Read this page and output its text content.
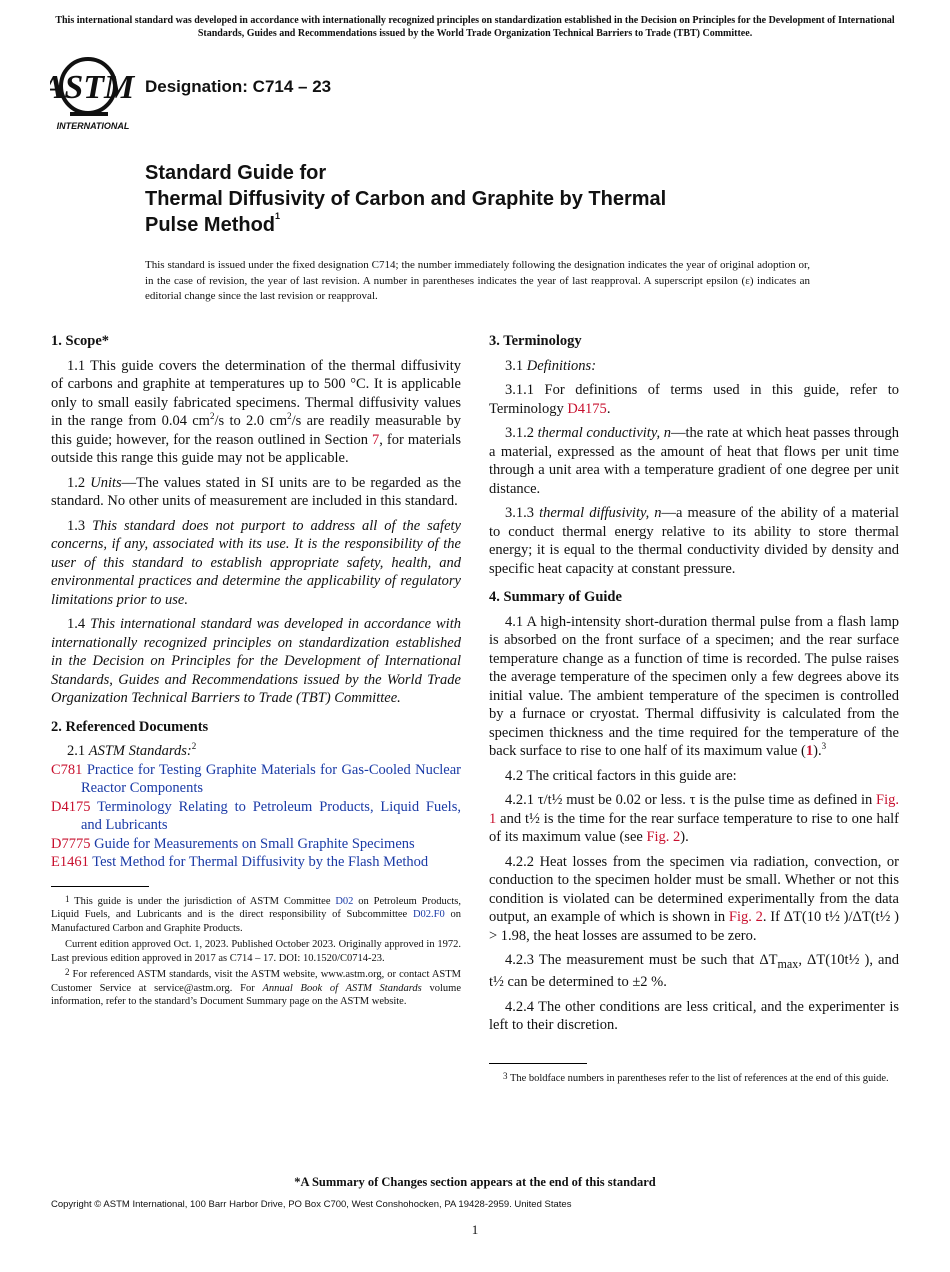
This international standard was developed in accordance with internationally recognized principles on standardization established in the Decision on Principles for the Development of International Standards, Guides and Recommendations issued by the World Trade Organization Technical Barriers to Trade (TBT) Committee.
ASTM
INTERNATIONAL
Designation: C714 – 23
Standard Guide for
Thermal Diffusivity of Carbon and Graphite by Thermal
Pulse Method$^1$
This standard is issued under the fixed designation C714; the number immediately following the designation indicates the year of original adoption or, in the case of revision, the year of last revision. A number in parentheses indicates the year of last reapproval. A superscript epsilon (ε) indicates an editorial change since the last revision or reapproval.
1. Scope*

1.1 This guide covers the determination of the thermal diffusivity of carbons and graphite at temperatures up to 500 °C. It is applicable only to small easily fabricated specimens. Thermal diffusivity values in the range from 0.04 $cm^2/s$ to 2.0 $cm^2/s$ are readily measurable by this guide; however, for the reason outlined in Section 7, for materials outside this range this guide may not be applicable.

1.2 Units—The values stated in SI units are to be regarded as the standard. No other units of measurement are included in this standard.

1.3 This standard does not purport to address all of the safety concerns, if any, associated with its use. It is the responsibility of the user of this standard to establish appropriate safety, health, and environmental practices and determine the applicability of regulatory limitations prior to use.

1.4 This international standard was developed in accordance with internationally recognized principles on standardization established in the Decision on Principles for the Development of International Standards, Guides and Recommendations issued by the World Trade Organization Technical Barriers to Trade (TBT) Committee.

2. Referenced Documents

2.1 ASTM Standards:$^2$

C781 Practice for Testing Graphite Materials for Gas-Cooled Nuclear Reactor Components
D4175 Terminology Relating to Petroleum Products, Liquid Fuels, and Lubricants
D7775 Guide for Measurements on Small Graphite Specimens
E1461 Test Method for Thermal Diffusivity by the Flash Method

$^1$ This guide is under the jurisdiction of ASTM Committee D02 on Petroleum Products, Liquid Fuels, and Lubricants and is the direct responsibility of Subcommittee D02.F0 on Manufactured Carbon and Graphite Products.

Current edition approved Oct. 1, 2023. Published October 2023. Originally approved in 1972. Last previous edition approved in 2017 as C714 – 17. DOI: 10.1520/C0714-23.

$^2$ For referenced ASTM standards, visit the ASTM website, www.astm.org, or contact ASTM Customer Service at service@astm.org. For Annual Book of ASTM Standards volume information, refer to the standard’s Document Summary page on the ASTM website.

3. Terminology

3.1 Definitions:

3.1.1 For definitions of terms used in this guide, refer to Terminology D4175.

3.1.2 thermal conductivity, n—the rate at which heat passes through a material, expressed as the amount of heat that flows per unit time through a unit area with a temperature gradient of one degree per unit distance.

3.1.3 thermal diffusivity, n—a measure of the ability of a material to conduct thermal energy relative to its ability to store thermal energy; it is equal to the thermal conductivity divided by density and specific heat capacity at constant pressure.

4. Summary of Guide

4.1 A high-intensity short-duration thermal pulse from a flash lamp is absorbed on the front surface of a specimen; and the rear surface temperature change as a function of time is recorded. The pulse raises the average temperature of the specimen only a few degrees above its initial value. The ambient temperature of the specimen is controlled by a furnace or cryostat. Thermal diffusivity is calculated from the specimen thickness and the time required for the temperature of the back surface to rise to one half of its maximum value (1).$^3$

4.2 The critical factors in this guide are:

4.2.1 τ/t½ must be 0.02 or less. τ is the pulse time as defined in Fig. 1 and t½ is the time for the rear surface temperature to rise to one half of its maximum value (see Fig. 2).

4.2.2 Heat losses from the specimen via radiation, convection, or conduction to the specimen holder must be small. Whether or not this condition is violated can be determined experimentally from the data output, an example of which is shown in Fig. 2. If ΔT(10 t½ )/ΔT(t½ ) > 1.98, the heat losses are assumed to be zero.

4.2.3 The measurement must be such that $\Delta T_{max}$, ΔT(10t½ ), and t½ can be determined to ±2 %.

4.2.4 The other conditions are less critical, and the experimenter is left to their discretion.

$^3$ The boldface numbers in parentheses refer to the list of references at the end of this guide.

*A Summary of Changes section appears at the end of this standard
Copyright © ASTM International, 100 Barr Harbor Drive, PO Box C700, West Conshohocken, PA 19428-2959. United States
1
